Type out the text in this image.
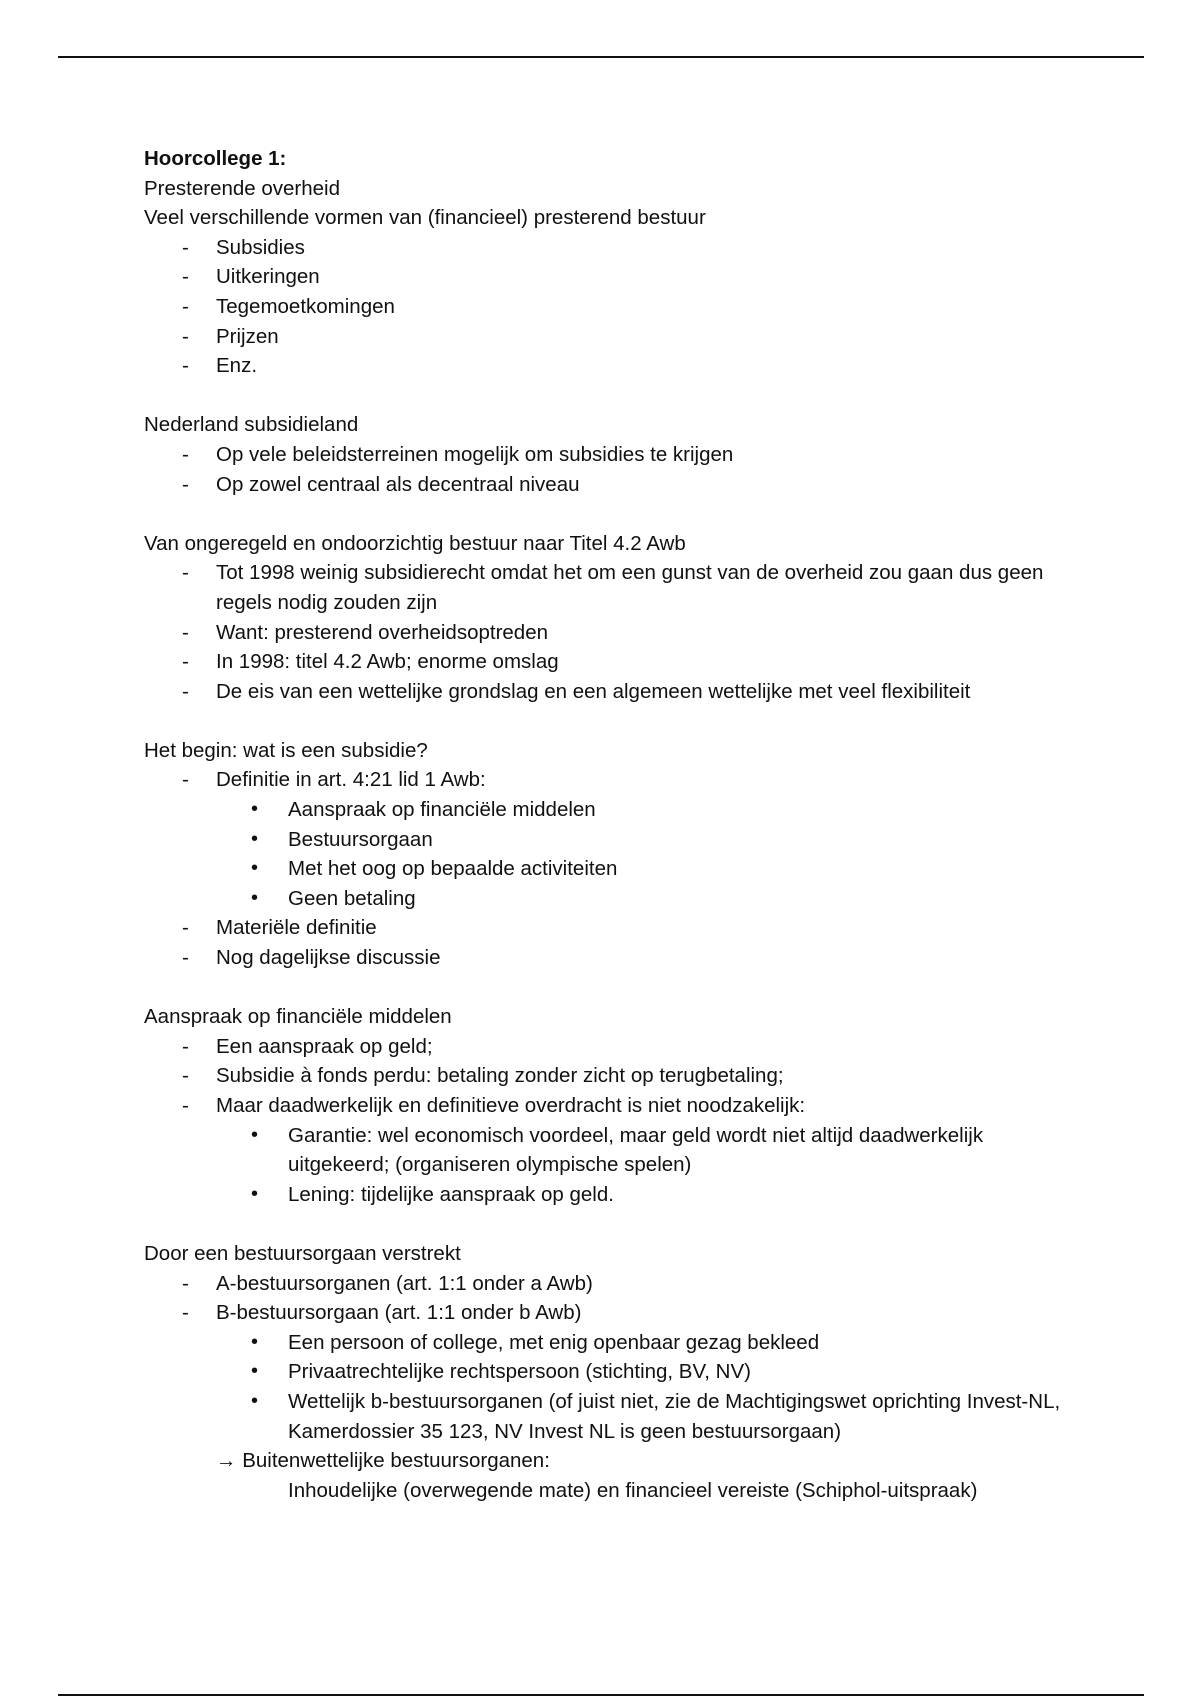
Hoorcollege 1:
Presterende overheid
Veel verschillende vormen van (financieel) presterend bestuur
- Subsidies
- Uitkeringen
- Tegemoetkomingen
- Prijzen
- Enz.
Nederland subsidieland
- Op vele beleidsterreinen mogelijk om subsidies te krijgen
- Op zowel centraal als decentraal niveau
Van ongeregeld en ondoorzichtig bestuur naar Titel 4.2 Awb
- Tot 1998 weinig subsidierecht omdat het om een gunst van de overheid zou gaan dus geen regels nodig zouden zijn
- Want: presterend overheidsoptreden
- In 1998: titel 4.2 Awb; enorme omslag
- De eis van een wettelijke grondslag en een algemeen wettelijke met veel flexibiliteit
Het begin: wat is een subsidie?
- Definitie in art. 4:21 lid 1 Awb:
• Aanspraak op financiële middelen
• Bestuursorgaan
• Met het oog op bepaalde activiteiten
• Geen betaling
- Materiële definitie
- Nog dagelijkse discussie
Aanspraak op financiële middelen
- Een aanspraak op geld;
- Subsidie à fonds perdu: betaling zonder zicht op terugbetaling;
- Maar daadwerkelijk en definitieve overdracht is niet noodzakelijk:
• Garantie: wel economisch voordeel, maar geld wordt niet altijd daadwerkelijk uitgekeerd; (organiseren olympische spelen)
• Lening: tijdelijke aanspraak op geld.
Door een bestuursorgaan verstrekt
- A-bestuursorganen (art. 1:1 onder a Awb)
- B-bestuursorgaan (art. 1:1 onder b Awb)
• Een persoon of college, met enig openbaar gezag bekleed
• Privaatrechtelijke rechtspersoon (stichting, BV, NV)
• Wettelijk b-bestuursorganen (of juist niet, zie de Machtigingswet oprichting Invest-NL, Kamerdossier 35 123, NV Invest NL is geen bestuursorgaan)
→ Buitenwettelijke bestuursorganen:
Inhoudelijke (overwegende mate) en financieel vereiste (Schiphol-uitspraak)
